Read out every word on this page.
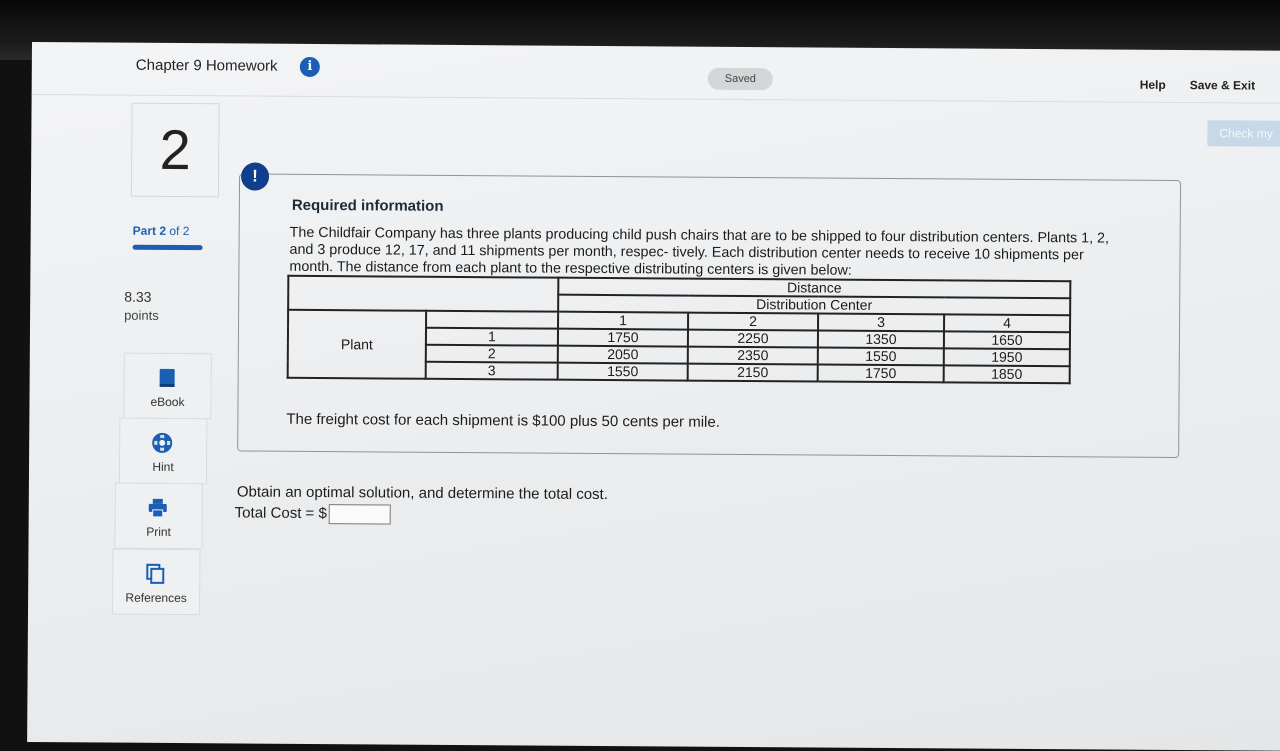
Chapter 9 Homework	i
Saved	Help Save & Exit
Check my
2
Part 2 of 2
8.33
points
eBook
Hint
Print
References
Required information
The Childfair Company has three plants producing child push chairs that are to be shipped to four distribution centers. Plants 1, 2, and 3 produce 12, 17, and 11 shipments per month, respec- tively. Each distribution center needs to receive 10 shipments per month. The distance from each plant to the respective distributing centers is given below:
		Distance			
		Distribution Center			
Plant		1	2	3	4
	1	1750	2250	1350	1650
	2	2050	2350	1550	1950
	3	1550	2150	1750	1850
The freight cost for each shipment is $100 plus 50 cents per mile.
!
Obtain an optimal solution, and determine the total cost.
Total Cost = $
